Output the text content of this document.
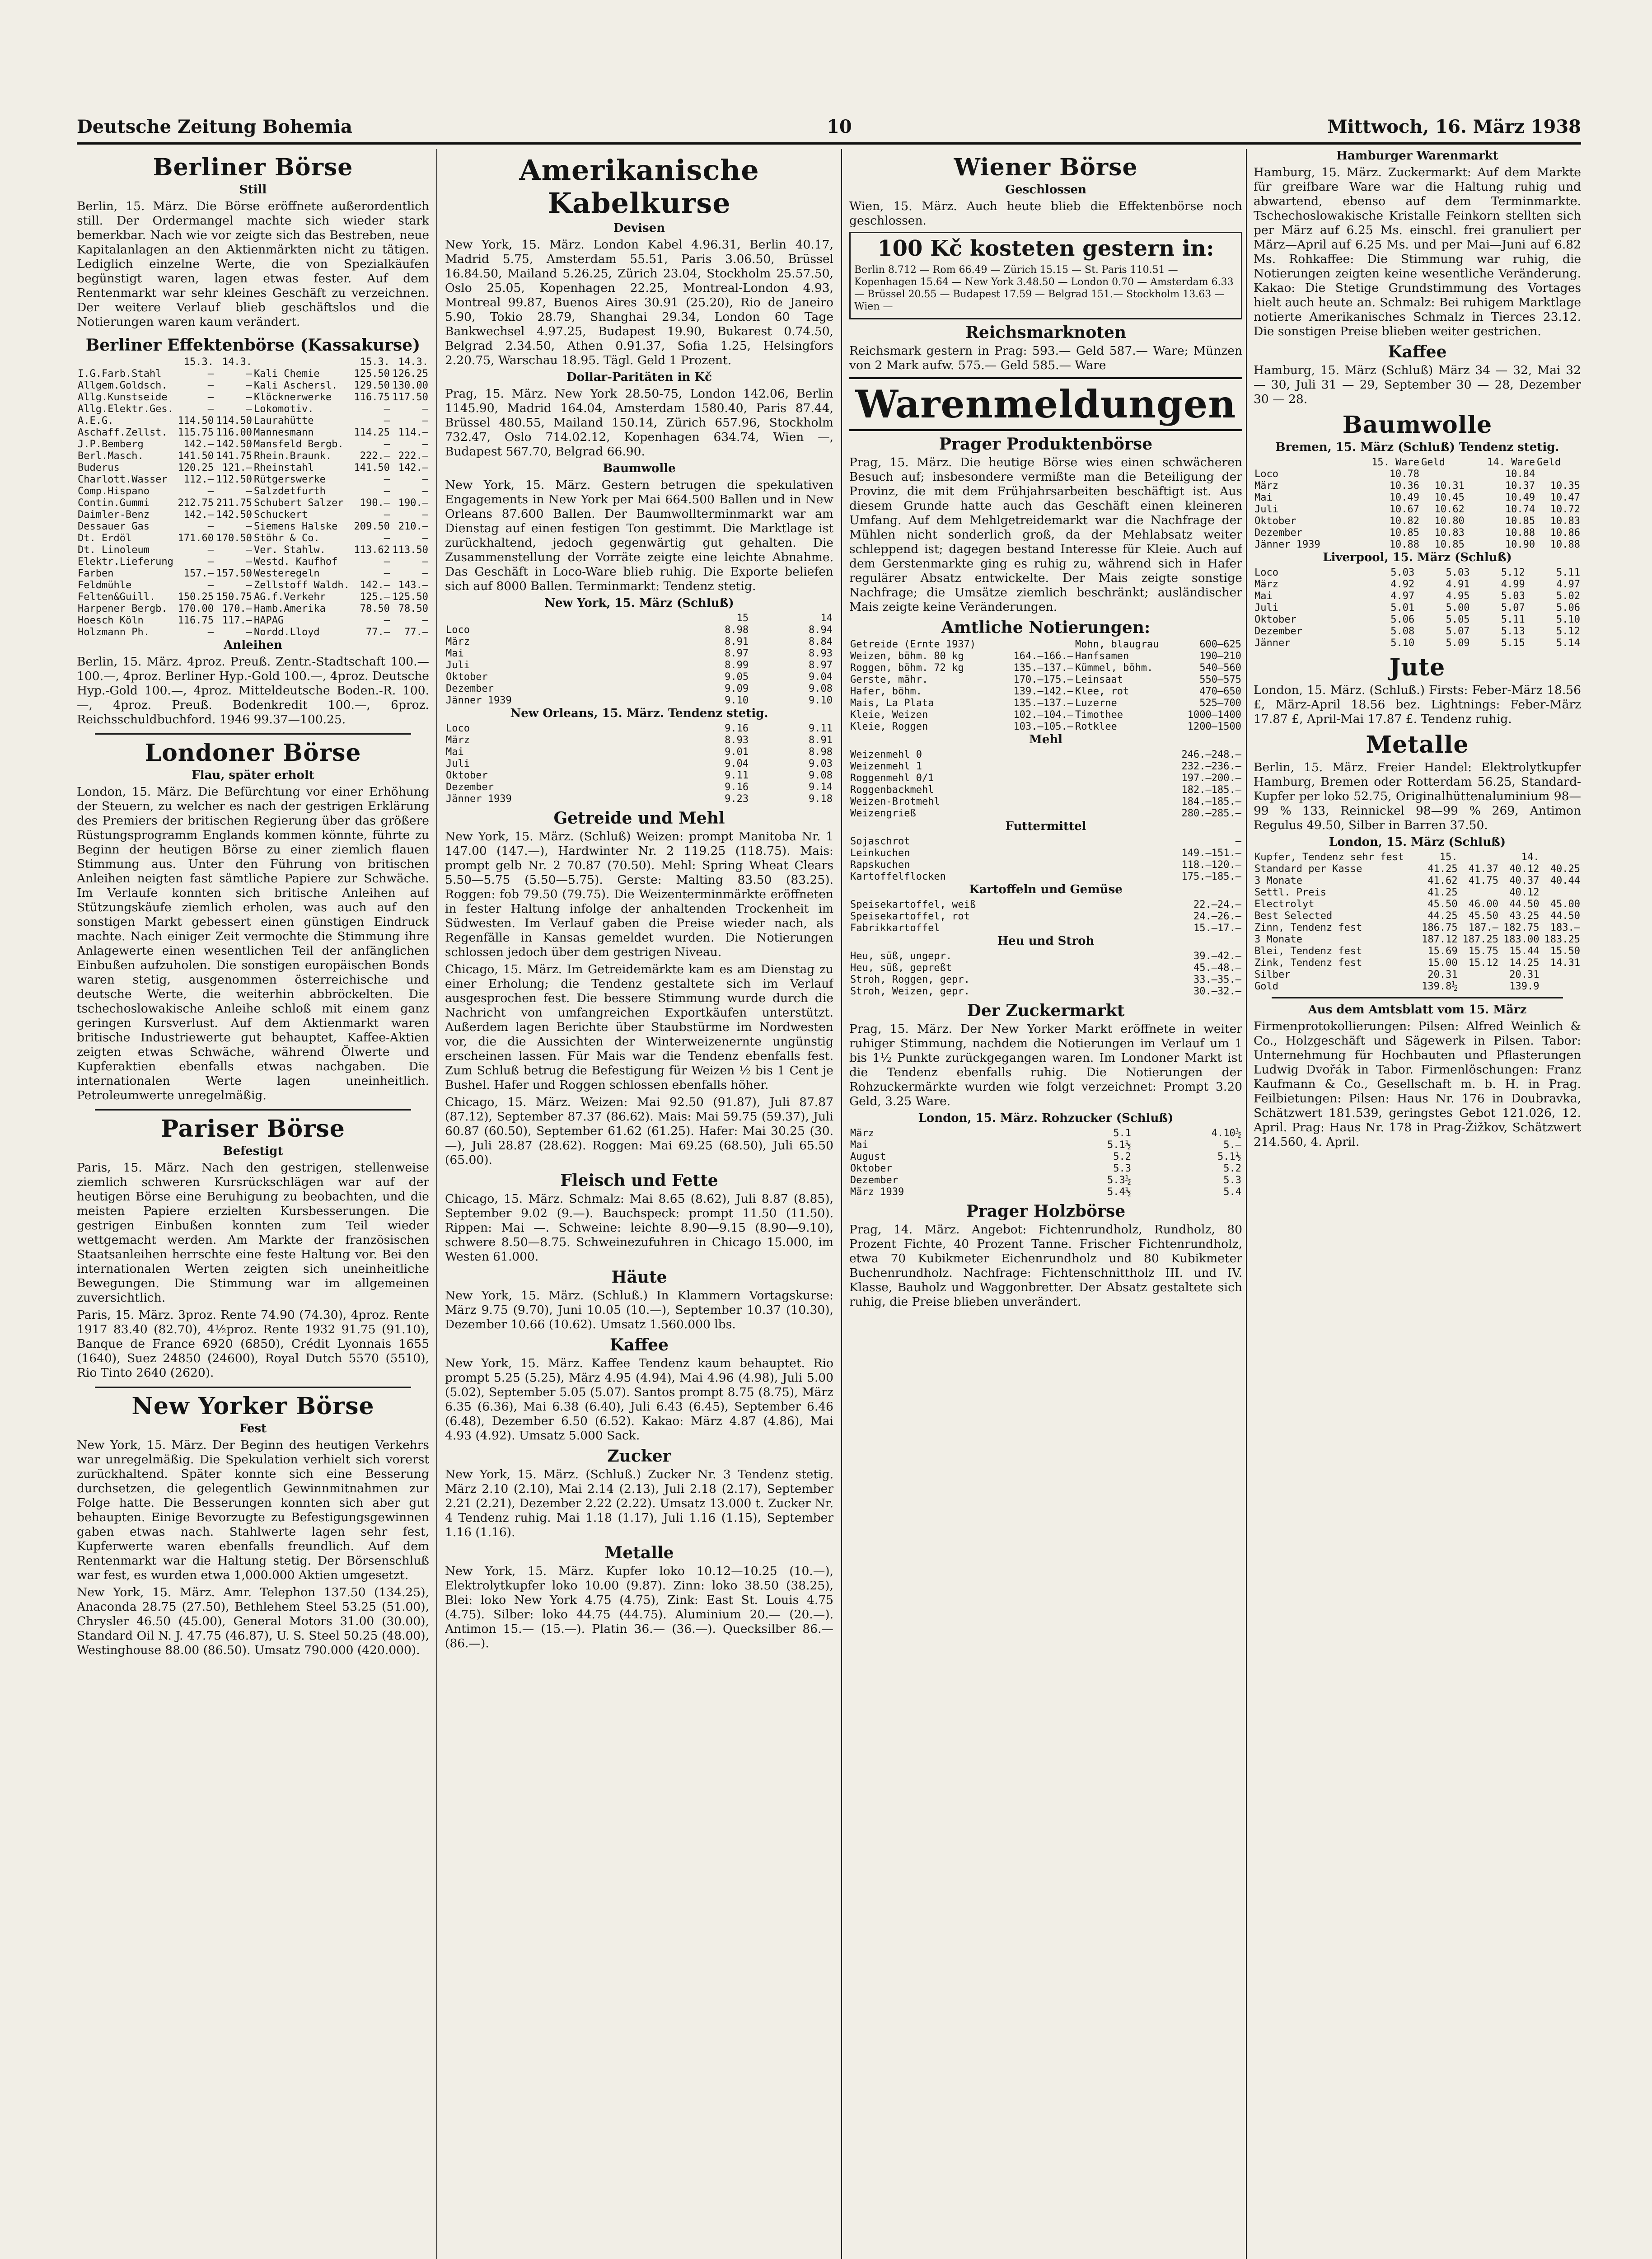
Deutsche Zeitung Bohemia	10	Mittwoch, 16. März 1938
Berliner Börse
Still

Berlin, 15. März. Die Börse eröffnete außerordentlich still. Der Ordermangel machte sich wieder stark bemerkbar. Nach wie vor zeigte sich das Bestreben, neue Kapitalanlagen an den Aktienmärkten nicht zu tätigen. Lediglich einzelne Werte, die von Spezialkäufen begünstigt waren, lagen etwas fester. Auf dem Rentenmarkt war sehr kleines Geschäft zu verzeichnen. Der weitere Verlauf blieb geschäftslos und die Notierungen waren kaum verändert.

Berliner Effektenbörse (Kassakurse)
	15.3.	14.3.		15.3.	14.3.
I.G.Farb.Stahl	—	—	Kali Chemie	125.50	126.25
Allgem.Goldsch.	—	—	Kali Aschersl.	129.50	130.00
Allg.Kunstseide	—	—	Klöcknerwerke	116.75	117.50
Allg.Elektr.Ges.	—	—	Lokomotiv.	—	—
A.E.G.	114.50	114.50	Laurahütte	—	—
Aschaff.Zellst.	115.75	116.00	Mannesmann	114.25	114.—
J.P.Bemberg	142.—	142.50	Mansfeld Bergb.	—	—
Berl.Masch.	141.50	141.75	Rhein.Braunk.	222.—	222.—
Buderus	120.25	121.—	Rheinstahl	141.50	142.—
Charlott.Wasser	112.—	112.50	Rütgerswerke	—	—
Comp.Hispano	—	—	Salzdetfurth	—	—
Contin.Gummi	212.75	211.75	Schubert Salzer	190.—	190.—
Daimler-Benz	142.—	142.50	Schuckert	—	—
Dessauer Gas	—	—	Siemens Halske	209.50	210.—
Dt. Erdöl	171.60	170.50	Stöhr & Co.	—	—
Dt. Linoleum	—	—	Ver. Stahlw.	113.62	113.50
Elektr.Lieferung	—	—	Westd. Kaufhof	—	—
Farben	157.—	157.50	Westeregeln	—	—
Feldmühle	—	—	Zellstoff Waldh.	142.—	143.—
Felten&Guill.	150.25	150.75	AG.f.Verkehr	125.—	125.50
Harpener Bergb.	170.00	170.—	Hamb.Amerika	78.50	78.50
Hoesch Köln	116.75	117.—	HAPAG	—	—
Holzmann Ph.	—	—	Nordd.Lloyd	77.—	77.—
Anleihen

Berlin, 15. März. 4proz. Preuß. Zentr.-Stadtschaft 100.— 100.—, 4proz. Berliner Hyp.-Gold 100.—, 4proz. Deutsche Hyp.-Gold 100.—, 4proz. Mitteldeutsche Boden.-R. 100.—, 4proz. Preuß. Bodenkredit 100.—, 6proz. Reichsschuldbuchford. 1946 99.37—100.25.

Londoner Börse
Flau, später erholt

London, 15. März. Die Befürchtung vor einer Erhöhung der Steuern, zu welcher es nach der gestrigen Erklärung des Premiers der britischen Regierung über das größere Rüstungsprogramm Englands kommen könnte, führte zu Beginn der heutigen Börse zu einer ziemlich flauen Stimmung aus. Unter den Führung von britischen Anleihen neigten fast sämtliche Papiere zur Schwäche. Im Verlaufe konnten sich britische Anleihen auf Stützungskäufe ziemlich erholen, was auch auf den sonstigen Markt gebessert einen günstigen Eindruck machte. Nach einiger Zeit vermochte die Stimmung ihre Anlagewerte einen wesentlichen Teil der anfänglichen Einbußen aufzuholen. Die sonstigen europäischen Bonds waren stetig, ausgenommen österreichische und deutsche Werte, die weiterhin abbröckelten. Die tschechoslowakische Anleihe schloß mit einem ganz geringen Kursverlust. Auf dem Aktienmarkt waren britische Industriewerte gut behauptet, Kaffee-Aktien zeigten etwas Schwäche, während Ölwerte und Kupferaktien ebenfalls etwas nachgaben. Die internationalen Werte lagen uneinheitlich. Petroleumwerte unregelmäßig.

Pariser Börse
Befestigt

Paris, 15. März. Nach den gestrigen, stellenweise ziemlich schweren Kursrückschlägen war auf der heutigen Börse eine Beruhigung zu beobachten, und die meisten Papiere erzielten Kursbesserungen. Die gestrigen Einbußen konnten zum Teil wieder wettgemacht werden. Am Markte der französischen Staatsanleihen herrschte eine feste Haltung vor. Bei den internationalen Werten zeigten sich uneinheitliche Bewegungen. Die Stimmung war im allgemeinen zuversichtlich.

Paris, 15. März. 3proz. Rente 74.90 (74.30), 4proz. Rente 1917 83.40 (82.70), 4½proz. Rente 1932 91.75 (91.10), Banque de France 6920 (6850), Crédit Lyonnais 1655 (1640), Suez 24850 (24600), Royal Dutch 5570 (5510), Rio Tinto 2640 (2620).

New Yorker Börse
Fest

New York, 15. März. Der Beginn des heutigen Verkehrs war unregelmäßig. Die Spekulation verhielt sich vorerst zurückhaltend. Später konnte sich eine Besserung durchsetzen, die gelegentlich Gewinnmitnahmen zur Folge hatte. Die Besserungen konnten sich aber gut behaupten. Einige Bevorzugte zu Befestigungsgewinnen gaben etwas nach. Stahlwerte lagen sehr fest, Kupferwerte waren ebenfalls freundlich. Auf dem Rentenmarkt war die Haltung stetig. Der Börsenschluß war fest, es wurden etwa 1,000.000 Aktien umgesetzt.

New York, 15. März. Amr. Telephon 137.50 (134.25), Anaconda 28.75 (27.50), Bethlehem Steel 53.25 (51.00), Chrysler 46.50 (45.00), General Motors 31.00 (30.00), Standard Oil N. J. 47.75 (46.87), U. S. Steel 50.25 (48.00), Westinghouse 88.00 (86.50). Umsatz 790.000 (420.000).

Amerikanische Kabelkurse
Devisen

New York, 15. März. London Kabel 4.96.31, Berlin 40.17, Madrid 5.75, Amsterdam 55.51, Paris 3.06.50, Brüssel 16.84.50, Mailand 5.26.25, Zürich 23.04, Stockholm 25.57.50, Oslo 25.05, Kopenhagen 22.25, Montreal-London 4.93, Montreal 99.87, Buenos Aires 30.91 (25.20), Rio de Janeiro 5.90, Tokio 28.79, Shanghai 29.34, London 60 Tage Bankwechsel 4.97.25, Budapest 19.90, Bukarest 0.74.50, Belgrad 2.34.50, Athen 0.91.37, Sofia 1.25, Helsingfors 2.20.75, Warschau 18.95. Tägl. Geld 1 Prozent.

Dollar-Paritäten in Kč

Prag, 15. März. New York 28.50-75, London 142.06, Berlin 1145.90, Madrid 164.04, Amsterdam 1580.40, Paris 87.44, Brüssel 480.55, Mailand 150.14, Zürich 657.96, Stockholm 732.47, Oslo 714.02.12, Kopenhagen 634.74, Wien —, Budapest 567.70, Belgrad 66.90.

Baumwolle

New York, 15. März. Gestern betrugen die spekulativen Engagements in New York per Mai 664.500 Ballen und in New Orleans 87.600 Ballen. Der Baumwollterminmarkt war am Dienstag auf einen festigen Ton gestimmt. Die Marktlage ist zurückhaltend, jedoch gegenwärtig gut gehalten. Die Zusammenstellung der Vorräte zeigte eine leichte Abnahme. Das Geschäft in Loco-Ware blieb ruhig. Die Exporte beliefen sich auf 8000 Ballen. Terminmarkt: Tendenz stetig.

New York, 15. März (Schluß)
	15	14
Loco	8.98	8.94
März	8.91	8.84
Mai	8.97	8.93
Juli	8.99	8.97
Oktober	9.05	9.04
Dezember	9.09	9.08
Jänner 1939	9.10	9.10
New Orleans, 15. März. Tendenz stetig.
Loco	9.16	9.11
März	8.93	8.91
Mai	9.01	8.98
Juli	9.04	9.03
Oktober	9.11	9.08
Dezember	9.16	9.14
Jänner 1939	9.23	9.18
Getreide und Mehl

New York, 15. März. (Schluß) Weizen: prompt Manitoba Nr. 1 147.00 (147.—), Hardwinter Nr. 2 119.25 (118.75). Mais: prompt gelb Nr. 2 70.87 (70.50). Mehl: Spring Wheat Clears 5.50—5.75 (5.50—5.75). Gerste: Malting 83.50 (83.25). Roggen: fob 79.50 (79.75). Die Weizenterminmärkte eröffneten in fester Haltung infolge der anhaltenden Trockenheit im Südwesten. Im Verlauf gaben die Preise wieder nach, als Regenfälle in Kansas gemeldet wurden. Die Notierungen schlossen jedoch über dem gestrigen Niveau.

Chicago, 15. März. Im Getreidemärkte kam es am Dienstag zu einer Erholung; die Tendenz gestaltete sich im Verlauf ausgesprochen fest. Die bessere Stimmung wurde durch die Nachricht von umfangreichen Exportkäufen unterstützt. Außerdem lagen Berichte über Staubstürme im Nordwesten vor, die die Aussichten der Winterweizenernte ungünstig erscheinen lassen. Für Mais war die Tendenz ebenfalls fest. Zum Schluß betrug die Befestigung für Weizen ½ bis 1 Cent je Bushel. Hafer und Roggen schlossen ebenfalls höher.

Chicago, 15. März. Weizen: Mai 92.50 (91.87), Juli 87.87 (87.12), September 87.37 (86.62). Mais: Mai 59.75 (59.37), Juli 60.87 (60.50), September 61.62 (61.25). Hafer: Mai 30.25 (30.—), Juli 28.87 (28.62). Roggen: Mai 69.25 (68.50), Juli 65.50 (65.00).

Fleisch und Fette

Chicago, 15. März. Schmalz: Mai 8.65 (8.62), Juli 8.87 (8.85), September 9.02 (9.—). Bauchspeck: prompt 11.50 (11.50). Rippen: Mai —. Schweine: leichte 8.90—9.15 (8.90—9.10), schwere 8.50—8.75. Schweinezufuhren in Chicago 15.000, im Westen 61.000.

Häute

New York, 15. März. (Schluß.) In Klammern Vortagskurse: März 9.75 (9.70), Juni 10.05 (10.—), September 10.37 (10.30), Dezember 10.66 (10.62). Umsatz 1.560.000 lbs.

Kaffee

New York, 15. März. Kaffee Tendenz kaum behauptet. Rio prompt 5.25 (5.25), März 4.95 (4.94), Mai 4.96 (4.98), Juli 5.00 (5.02), September 5.05 (5.07). Santos prompt 8.75 (8.75), März 6.35 (6.36), Mai 6.38 (6.40), Juli 6.43 (6.45), September 6.46 (6.48), Dezember 6.50 (6.52). Kakao: März 4.87 (4.86), Mai 4.93 (4.92). Umsatz 5.000 Sack.

Zucker

New York, 15. März. (Schluß.) Zucker Nr. 3 Tendenz stetig. März 2.10 (2.10), Mai 2.14 (2.13), Juli 2.18 (2.17), September 2.21 (2.21), Dezember 2.22 (2.22). Umsatz 13.000 t. Zucker Nr. 4 Tendenz ruhig. Mai 1.18 (1.17), Juli 1.16 (1.15), September 1.16 (1.16).

Metalle

New York, 15. März. Kupfer loko 10.12—10.25 (10.—), Elektrolytkupfer loko 10.00 (9.87). Zinn: loko 38.50 (38.25), Blei: loko New York 4.75 (4.75), Zink: East St. Louis 4.75 (4.75). Silber: loko 44.75 (44.75). Aluminium 20.— (20.—). Antimon 15.— (15.—). Platin 36.— (36.—). Quecksilber 86.— (86.—).

Wiener Börse
Geschlossen

Wien, 15. März. Auch heute blieb die Effektenbörse noch geschlossen.

100 Kč kosteten gestern in:

Berlin 8.712 — Rom 66.49 — Zürich 15.15 — St. Paris 110.51 — Kopenhagen 15.64 — New York 3.48.50 — London 0.70 — Amsterdam 6.33 — Brüssel 20.55 — Budapest 17.59 — Belgrad 151.— Stockholm 13.63 — Wien —

Reichsmarknoten

Reichsmark gestern in Prag: 593.— Geld 587.— Ware; Münzen von 2 Mark aufw. 575.— Geld 585.— Ware

Warenmeldungen
Prager Produktenbörse

Prag, 15. März. Die heutige Börse wies einen schwächeren Besuch auf; insbesondere vermißte man die Beteiligung der Provinz, die mit dem Frühjahrsarbeiten beschäftigt ist. Aus diesem Grunde hatte auch das Geschäft einen kleineren Umfang. Auf dem Mehlgetreidemarkt war die Nachfrage der Mühlen nicht sonderlich groß, da der Mehlabsatz weiter schleppend ist; dagegen bestand Interesse für Kleie. Auch auf dem Gerstenmarkte ging es ruhig zu, während sich in Hafer regulärer Absatz entwickelte. Der Mais zeigte sonstige Nachfrage; die Umsätze ziemlich beschränkt; ausländischer Mais zeigte keine Veränderungen.

Amtliche Notierungen:
Getreide (Ernte 1937)		Mohn, blaugrau	600—625
Weizen, böhm. 80 kg	164.—166.—	Hanfsamen	190—210
Roggen, böhm. 72 kg	135.—137.—	Kümmel, böhm.	540—560
Gerste, mähr.	170.—175.—	Leinsaat	550—575
Hafer, böhm.	139.—142.—	Klee, rot	470—650
Mais, La Plata	135.—137.—	Luzerne	525—700
Kleie, Weizen	102.—104.—	Timothee	1000—1400
Kleie, Roggen	103.—105.—	Rotklee	1200—1500
Mehl
Weizenmehl 0	246.—248.—
Weizenmehl 1	232.—236.—
Roggenmehl 0/1	197.—200.—
Roggenbackmehl	182.—185.—
Weizen-Brotmehl	184.—185.—
Weizengrieß	280.—285.—
Futtermittel
Sojaschrot	—
Leinkuchen	149.—151.—
Rapskuchen	118.—120.—
Kartoffelflocken	175.—185.—
Kartoffeln und Gemüse
Speisekartoffel, weiß	22.—24.—
Speisekartoffel, rot	24.—26.—
Fabrikkartoffel	15.—17.—
Heu und Stroh
Heu, süß, ungepr.	39.—42.—
Heu, süß, gepreßt	45.—48.—
Stroh, Roggen, gepr.	33.—35.—
Stroh, Weizen, gepr.	30.—32.—
Der Zuckermarkt

Prag, 15. März. Der New Yorker Markt eröffnete in weiter ruhiger Stimmung, nachdem die Notierungen im Verlauf um 1 bis 1½ Punkte zurückgegangen waren. Im Londoner Markt ist die Tendenz ebenfalls ruhig. Die Notierungen der Rohzuckermärkte wurden wie folgt verzeichnet: Prompt 3.20 Geld, 3.25 Ware.

London, 15. März. Rohzucker (Schluß)
März	5.1	4.10½
Mai	5.1½	5.—
August	5.2	5.1½
Oktober	5.3	5.2
Dezember	5.3½	5.3
März 1939	5.4½	5.4
Prager Holzbörse

Prag, 14. März. Angebot: Fichtenrundholz, Rundholz, 80 Prozent Fichte, 40 Prozent Tanne. Frischer Fichtenrundholz, etwa 70 Kubikmeter Eichenrundholz und 80 Kubikmeter Buchenrundholz. Nachfrage: Fichtenschnittholz III. und IV. Klasse, Bauholz und Waggonbretter. Der Absatz gestaltete sich ruhig, die Preise blieben unverändert.

Hamburger Warenmarkt

Hamburg, 15. März. Zuckermarkt: Auf dem Markte für greifbare Ware war die Haltung ruhig und abwartend, ebenso auf dem Terminmarkte. Tschechoslowakische Kristalle Feinkorn stellten sich per März auf 6.25 Ms. einschl. frei granuliert per März—April auf 6.25 Ms. und per Mai—Juni auf 6.82 Ms. Rohkaffee: Die Stimmung war ruhig, die Notierungen zeigten keine wesentliche Veränderung. Kakao: Die Stetige Grundstimmung des Vortages hielt auch heute an. Schmalz: Bei ruhigem Marktlage notierte Amerikanisches Schmalz in Tierces 23.12. Die sonstigen Preise blieben weiter gestrichen.

Kaffee

Hamburg, 15. März (Schluß) März 34 — 32, Mai 32 — 30, Juli 31 — 29, September 30 — 28, Dezember 30 — 28.

Baumwolle
Bremen, 15. März (Schluß) Tendenz stetig.
	15. Ware	Geld	14. Ware	Geld
Loco	10.78		10.84	
März	10.36	10.31	10.37	10.35
Mai	10.49	10.45	10.49	10.47
Juli	10.67	10.62	10.74	10.72
Oktober	10.82	10.80	10.85	10.83
Dezember	10.85	10.83	10.88	10.86
Jänner 1939	10.88	10.85	10.90	10.88
Liverpool, 15. März (Schluß)
Loco	5.03	5.03	5.12	5.11
März	4.92	4.91	4.99	4.97
Mai	4.97	4.95	5.03	5.02
Juli	5.01	5.00	5.07	5.06
Oktober	5.06	5.05	5.11	5.10
Dezember	5.08	5.07	5.13	5.12
Jänner	5.10	5.09	5.15	5.14
Jute

London, 15. März. (Schluß.) Firsts: Feber-März 18.56 £, März-April 18.56 bez. Lightnings: Feber-März 17.87 £, April-Mai 17.87 £. Tendenz ruhig.

Metalle

Berlin, 15. März. Freier Handel: Elektrolytkupfer Hamburg, Bremen oder Rotterdam 56.25, Standard-Kupfer per loko 52.75, Originalhüttenaluminium 98—99 % 133, Reinnickel 98—99 % 269, Antimon Regulus 49.50, Silber in Barren 37.50.

London, 15. März (Schluß)
Kupfer, Tendenz sehr fest	15.		14.	
Standard per Kasse	41.25	41.37	40.12	40.25
3 Monate	41.62	41.75	40.37	40.44
Settl. Preis	41.25		40.12	
Electrolyt	45.50	46.00	44.50	45.00
Best Selected	44.25	45.50	43.25	44.50
Zinn, Tendenz fest	186.75	187.—	182.75	183.—
3 Monate	187.12	187.25	183.00	183.25
Blei, Tendenz fest	15.69	15.75	15.44	15.50
Zink, Tendenz fest	15.00	15.12	14.25	14.31
Silber	20.31		20.31	
Gold	139.8½		139.9	
Aus dem Amtsblatt vom 15. März

Firmenprotokollierungen: Pilsen: Alfred Weinlich & Co., Holzgeschäft und Sägewerk in Pilsen. Tabor: Unternehmung für Hochbauten und Pflasterungen Ludwig Dvořák in Tabor. Firmenlöschungen: Franz Kaufmann & Co., Gesellschaft m. b. H. in Prag. Feilbietungen: Pilsen: Haus Nr. 176 in Doubravka, Schätzwert 181.539, geringstes Gebot 121.026, 12. April. Prag: Haus Nr. 178 in Prag-Žižkov, Schätzwert 214.560, 4. April.
